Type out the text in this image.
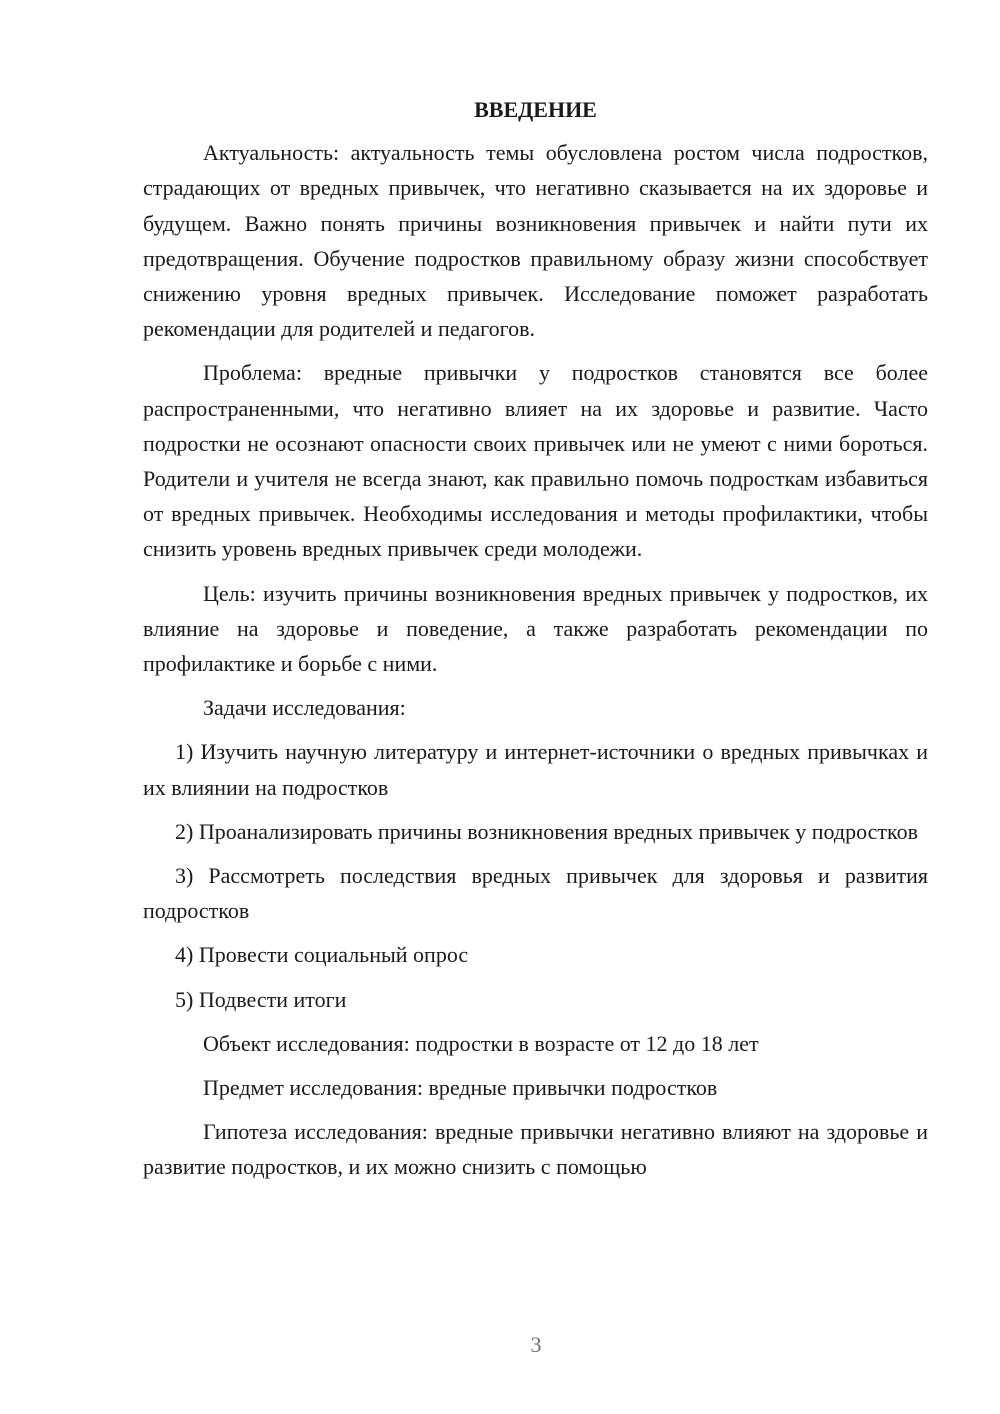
ВВЕДЕНИЕ

Актуальность: актуальность темы обусловлена ростом числа подростков, страдающих от вредных привычек, что негативно сказывается на их здоровье и будущем. Важно понять причины возникновения привычек и найти пути их предотвращения. Обучение подростков правильному образу жизни способствует снижению уровня вредных привычек. Исследование поможет разработать рекомендации для родителей и педагогов.

Проблема: вредные привычки у подростков становятся все более распространенными, что негативно влияет на их здоровье и развитие. Часто подростки не осознают опасности своих привычек или не умеют с ними бороться. Родители и учителя не всегда знают, как правильно помочь подросткам избавиться от вредных привычек. Необходимы исследования и методы профилактики, чтобы снизить уровень вредных привычек среди молодежи.

Цель: изучить причины возникновения вредных привычек у подростков, их влияние на здоровье и поведение, а также разработать рекомендации по профилактике и борьбе с ними.

Задачи исследования:

1) Изучить научную литературу и интернет-источники о вредных привычках и их влиянии на подростков

2) Проанализировать причины возникновения вредных привычек у подростков

3) Рассмотреть последствия вредных привычек для здоровья и развития подростков

4) Провести социальный опрос

5) Подвести итоги

Объект исследования: подростки в возрасте от 12 до 18 лет

Предмет исследования: вредные привычки подростков

Гипотеза исследования: вредные привычки негативно влияют на здоровье и развитие подростков, и их можно снизить с помощью

3
